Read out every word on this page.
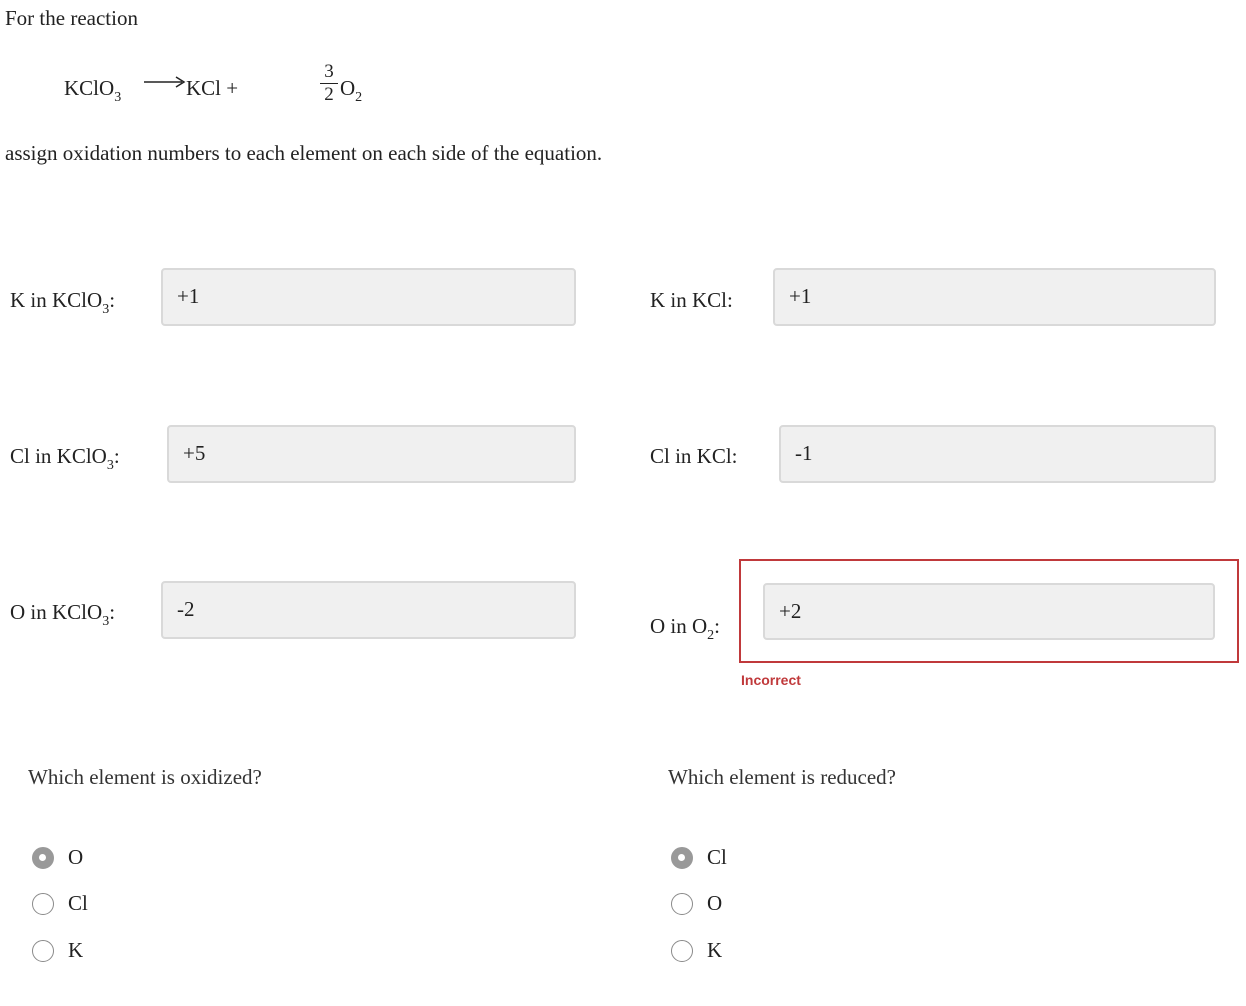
For the reaction
KClO$_3$ → KCl +
3
2 $O_2$
assign oxidation numbers to each element on each side of the equation.
K in KClO$_3$:	+1
Cl in KClO$_3$:	+5
O in KClO$_3$:	-2
K in KCl:	+1
Cl in KCl:	-1
O in $O_2$:
+2
Incorrect
Which element is oxidized?	Which element is reduced?
O
Cl
K
Cl
O
K
